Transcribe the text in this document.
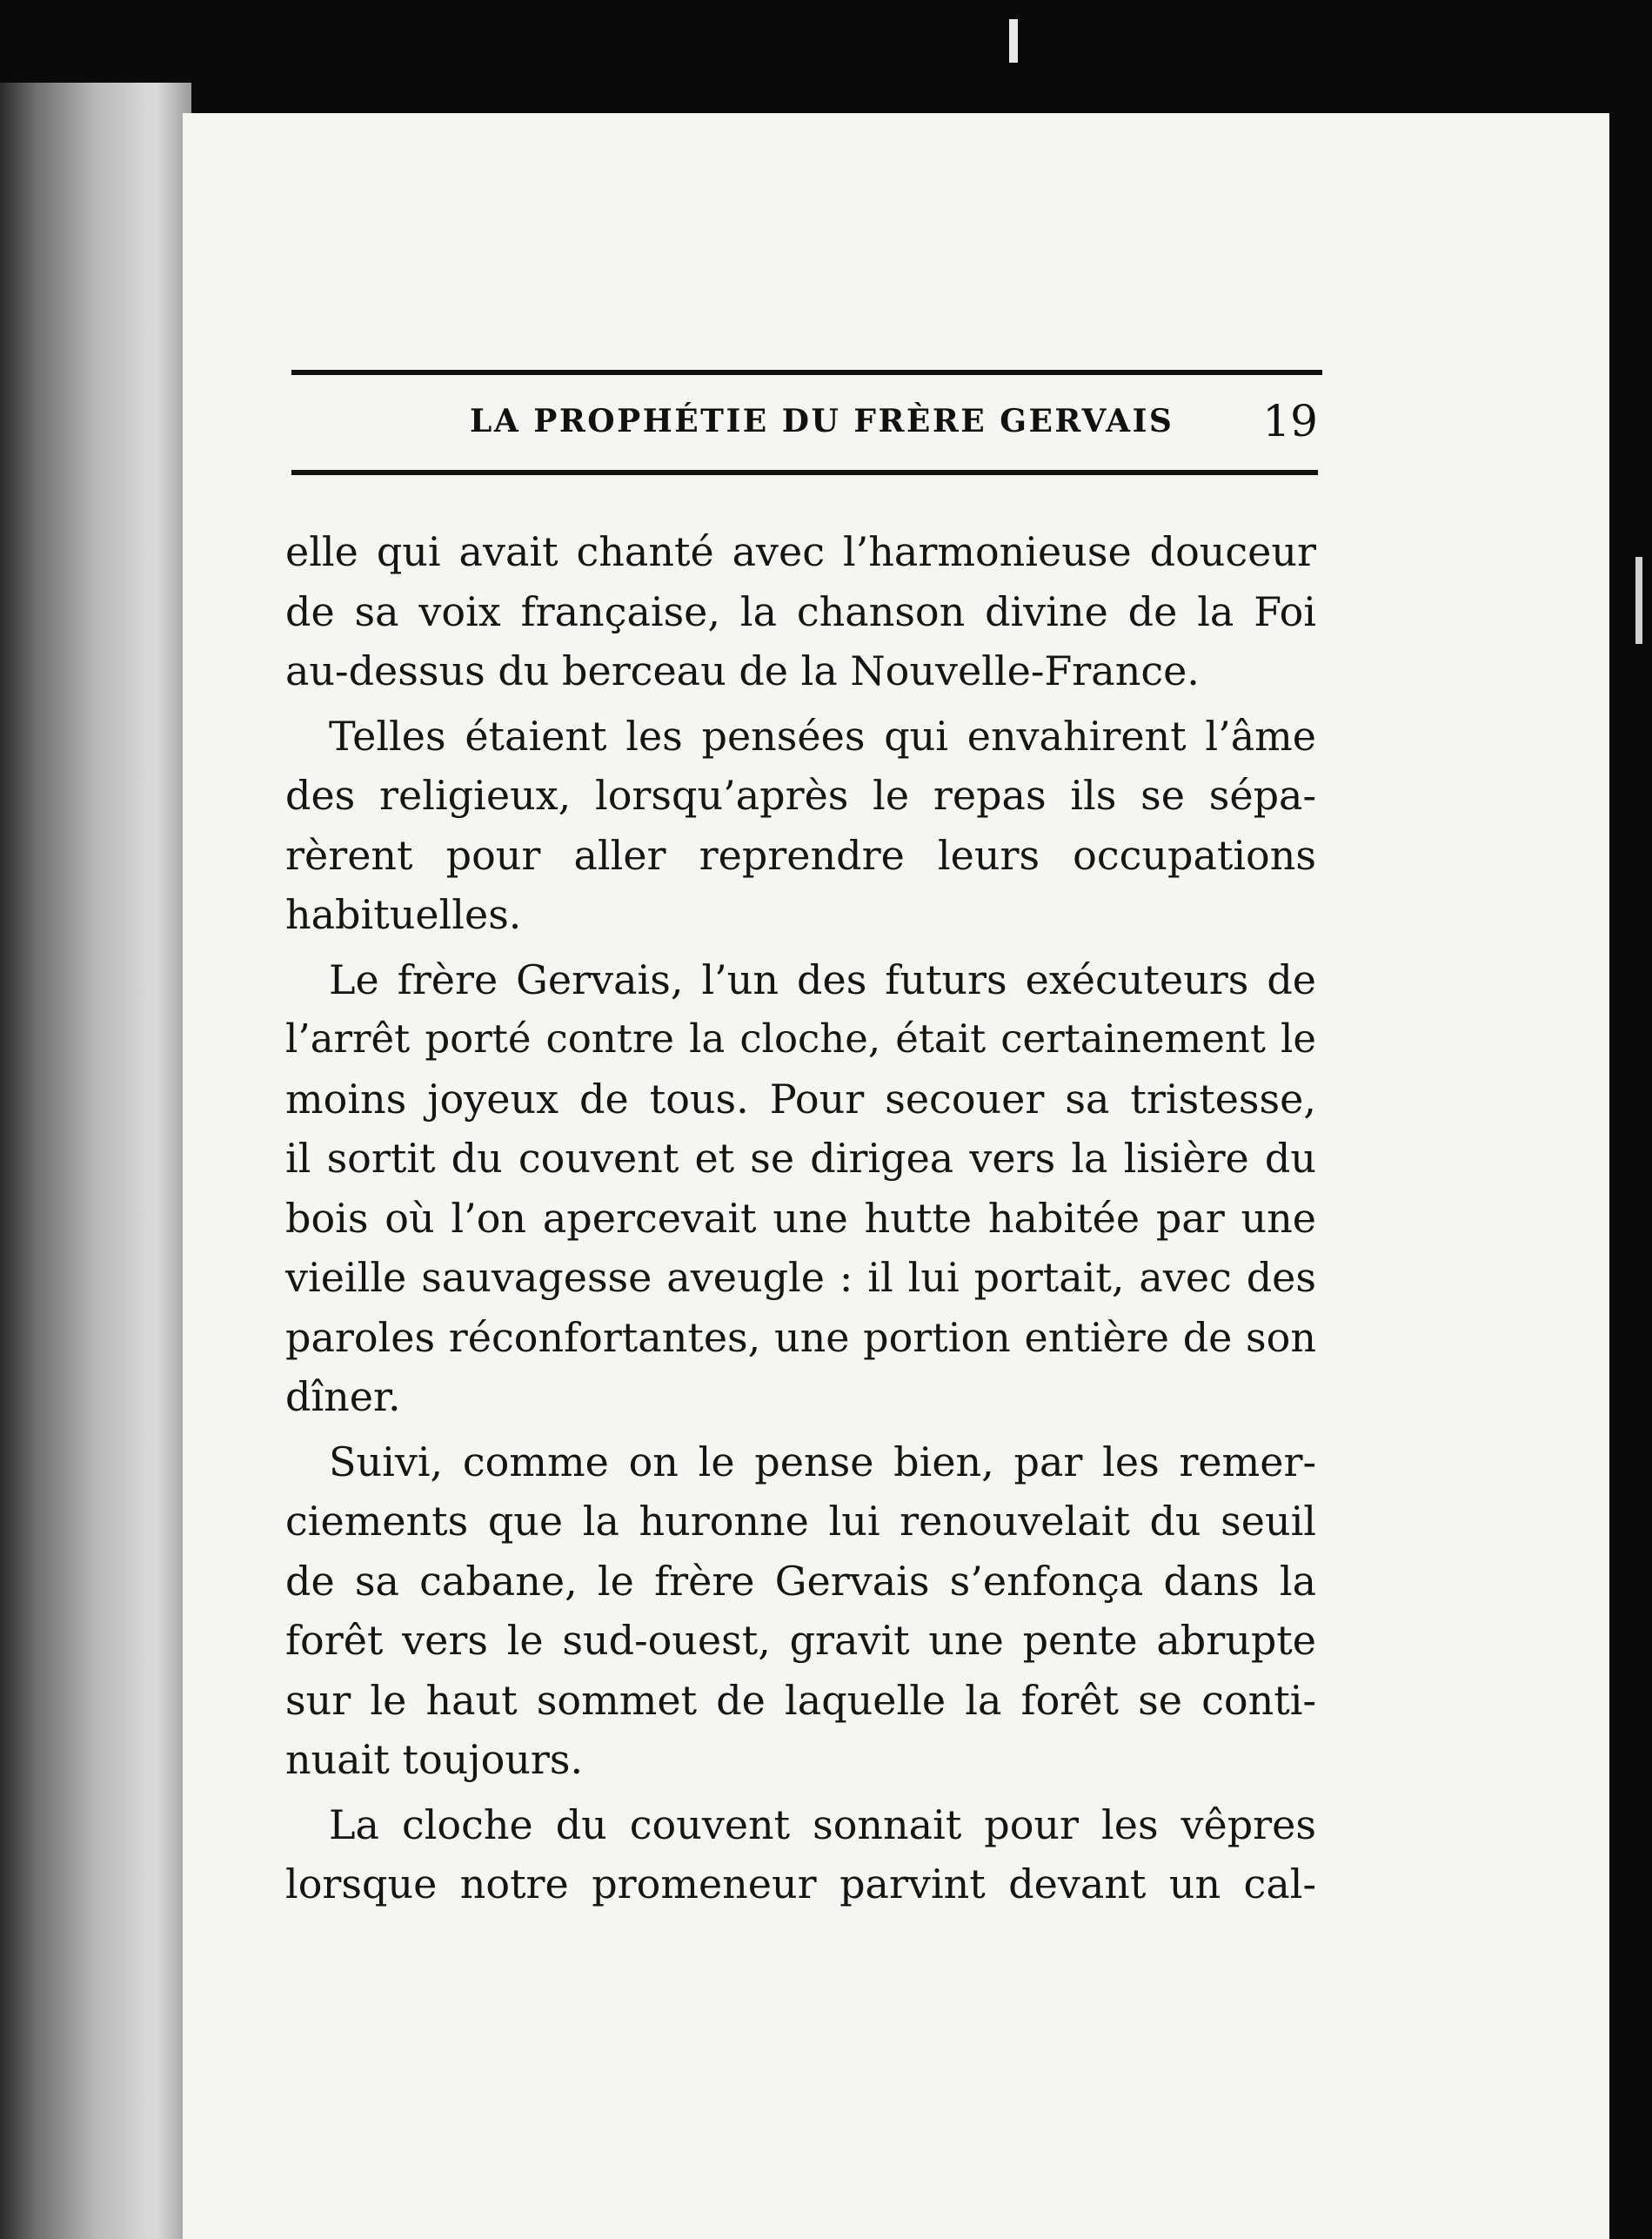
LA PROPHÉTIE DU FRÈRE GERVAIS 19

elle qui avait chanté avec l’harmonieuse douceur
de sa voix française, la chanson divine de la Foi
au-dessus du berceau de la Nouvelle-France.

Telles étaient les pensées qui envahirent l’âme
des religieux, lorsqu’après le repas ils se sépa-
rèrent pour aller reprendre leurs occupations
habituelles.

Le frère Gervais, l’un des futurs exécuteurs de
l’arrêt porté contre la cloche, était certainement le
moins joyeux de tous. Pour secouer sa tristesse,
il sortit du couvent et se dirigea vers la lisière du
bois où l’on apercevait une hutte habitée par une
vieille sauvagesse aveugle : il lui portait, avec des
paroles réconfortantes, une portion entière de son
dîner.

Suivi, comme on le pense bien, par les remer-
ciements que la huronne lui renouvelait du seuil
de sa cabane, le frère Gervais s’enfonça dans la
forêt vers le sud-ouest, gravit une pente abrupte
sur le haut sommet de laquelle la forêt se conti-
nuait toujours.

La cloche du couvent sonnait pour les vêpres
lorsque notre promeneur parvint devant un cal-
